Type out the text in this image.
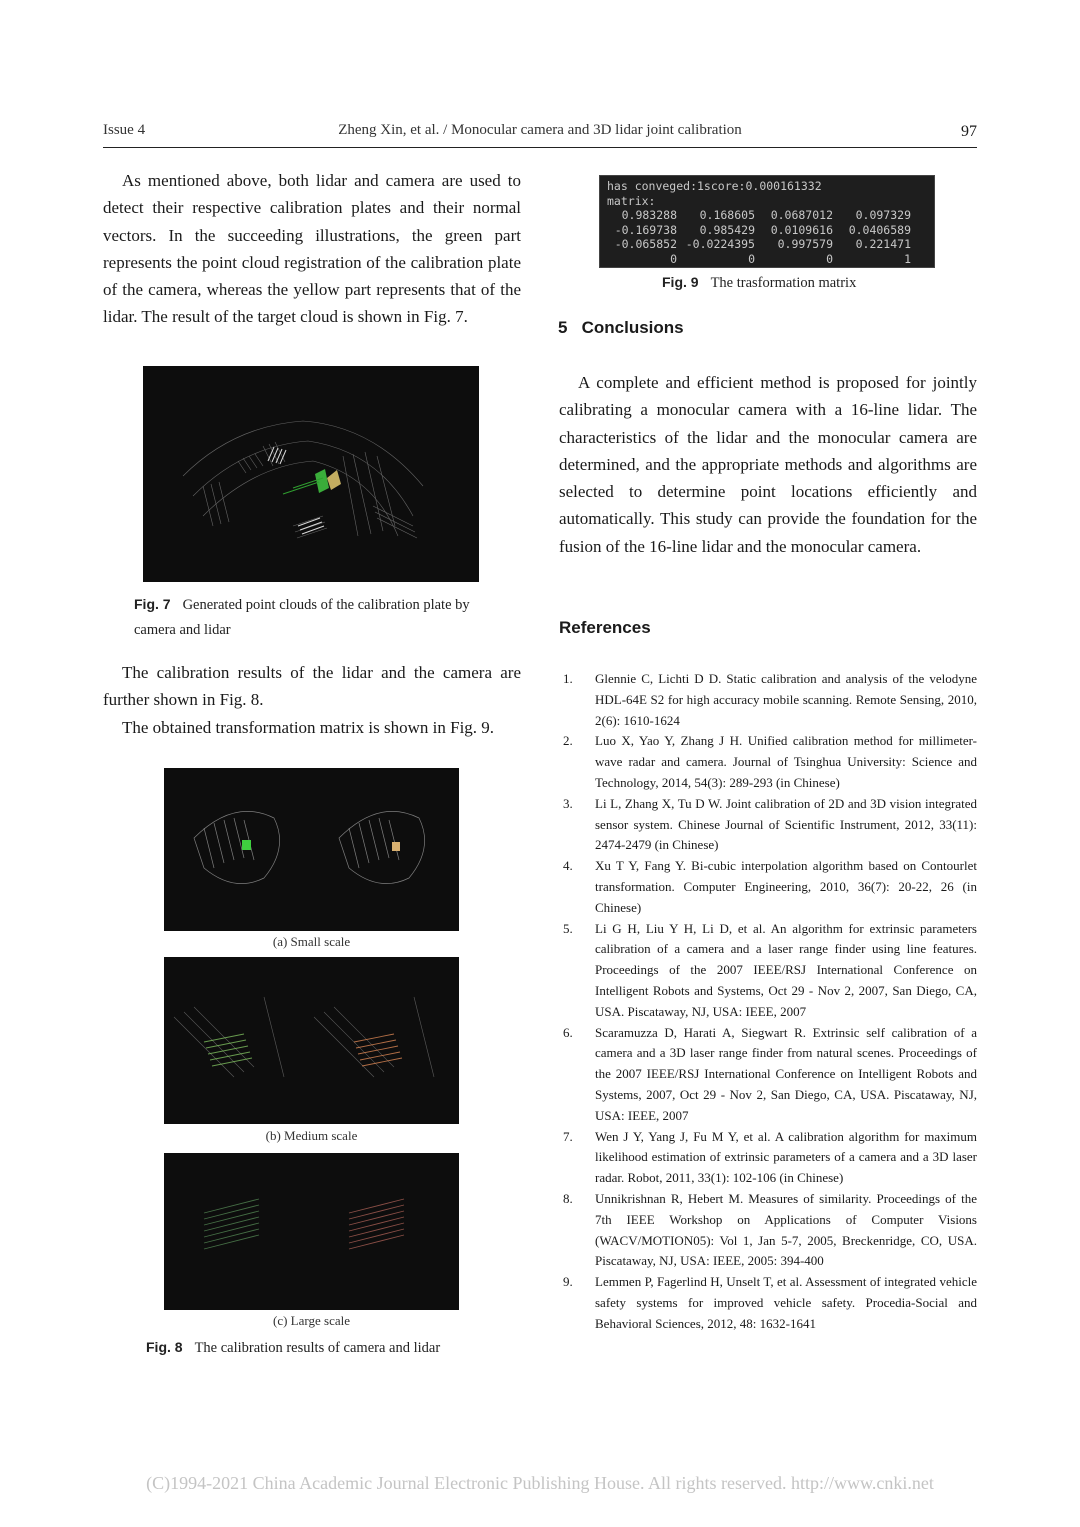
Issue 4	Zheng Xin, et al. / Monocular camera and 3D lidar joint calibration	97

As mentioned above, both lidar and camera are used to detect their respective calibration plates and their normal vectors. In the succeeding illustrations, the green part represents the point cloud registration of the calibration plate of the camera, whereas the yellow part represents that of the lidar. The result of the target cloud is shown in Fig. 7.

Fig. 7 Generated point clouds of the calibration plate by camera and lidar

The calibration results of the lidar and the camera are further shown in Fig. 8.

The obtained transformation matrix is shown in Fig. 9.

(a) Small scale
(b) Medium scale
(c) Large scale
Fig. 8 The calibration results of camera and lidar
has conveged:1score:0.000161332
matrix:
0.983288	0.168605	0.0687012	0.097329
-0.169738	0.985429	0.0109616	0.0406589
-0.065852 -0.0224395	0.997579	0.221471
0	0	0	1
Fig. 9 The trasformation matrix
5   Conclusions

A complete and efficient method is proposed for jointly calibrating a monocular camera with a 16-line lidar. The characteristics of the lidar and the monocular camera are determined, and the appropriate methods and algorithms are selected to determine point locations efficiently and automatically. This study can provide the foundation for the fusion of the 16-line lidar and the monocular camera.

References
1.	Glennie C, Lichti D D. Static calibration and analysis of the velodyne HDL-64E S2 for high accuracy mobile scanning. Remote Sensing, 2010, 2(6): 1610-1624
2.	Luo X, Yao Y, Zhang J H. Unified calibration method for millimeter-wave radar and camera. Journal of Tsinghua University: Science and Technology, 2014, 54(3): 289-293 (in Chinese)
3.	Li L, Zhang X, Tu D W. Joint calibration of 2D and 3D vision integrated sensor system. Chinese Journal of Scientific Instrument, 2012, 33(11): 2474-2479 (in Chinese)
4.	Xu T Y, Fang Y. Bi-cubic interpolation algorithm based on Contourlet transformation. Computer Engineering, 2010, 36(7): 20-22, 26 (in Chinese)
5.	Li G H, Liu Y H, Li D, et al. An algorithm for extrinsic parameters calibration of a camera and a laser range finder using line features. Proceedings of the 2007 IEEE/RSJ International Conference on Intelligent Robots and Systems, Oct 29 - Nov 2, 2007, San Diego, CA, USA. Piscataway, NJ, USA: IEEE, 2007
6.	Scaramuzza D, Harati A, Siegwart R. Extrinsic self calibration of a camera and a 3D laser range finder from natural scenes. Proceedings of the 2007 IEEE/RSJ International Conference on Intelligent Robots and Systems, 2007, Oct 29 - Nov 2, San Diego, CA, USA. Piscataway, NJ, USA: IEEE, 2007
7.	Wen J Y, Yang J, Fu M Y, et al. A calibration algorithm for maximum likelihood estimation of extrinsic parameters of a camera and a 3D laser radar. Robot, 2011, 33(1): 102-106 (in Chinese)
8.	Unnikrishnan R, Hebert M. Measures of similarity. Proceedings of the 7th IEEE Workshop on Applications of Computer Visions (WACV/MOTION05): Vol 1, Jan 5-7, 2005, Breckenridge, CO, USA. Piscataway, NJ, USA: IEEE, 2005: 394-400
9.	Lemmen P, Fagerlind H, Unselt T, et al. Assessment of integrated vehicle safety systems for improved vehicle safety. Procedia-Social and Behavioral Sciences, 2012, 48: 1632-1641
(C)1994-2021 China Academic Journal Electronic Publishing House. All rights reserved. http://www.cnki.net
